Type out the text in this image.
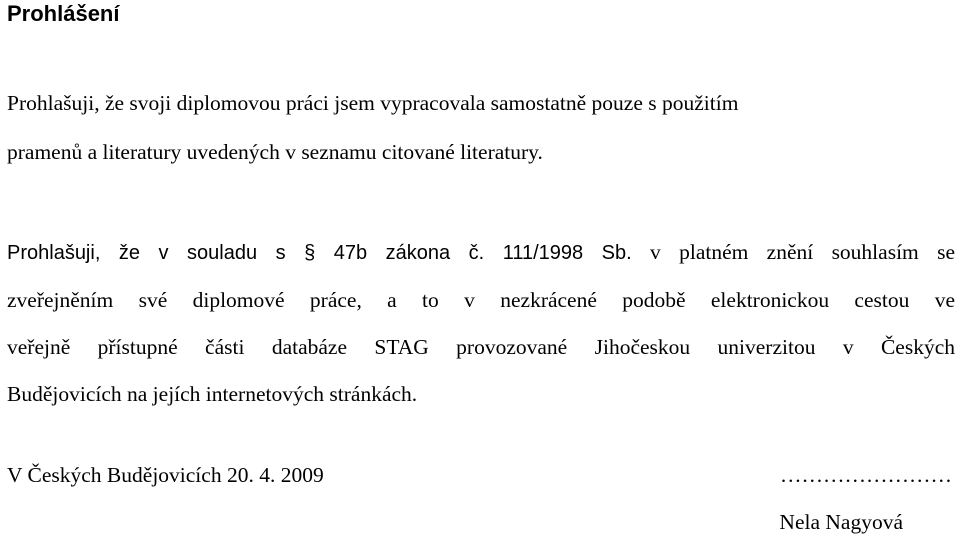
Prohlášení

Prohlašuji, že svoji diplomovou práci jsem vypracovala samostatně pouze s použitím

pramenů a literatury uvedených v seznamu citované literatury.

Prohlašuji, že v souladu s § 47b zákona č. 111/1998 Sb. v platném znění souhlasím se
zveřejněním své diplomové práce, a to v nezkrácené podobě elektronickou cestou ve
veřejně přístupné části databáze STAG provozované Jihočeskou univerzitou v Českých
Budějovicích na jejích internetových stránkách.

V Českých Budějovicích 20. 4. 2009	……………………

Nela Nagyová
